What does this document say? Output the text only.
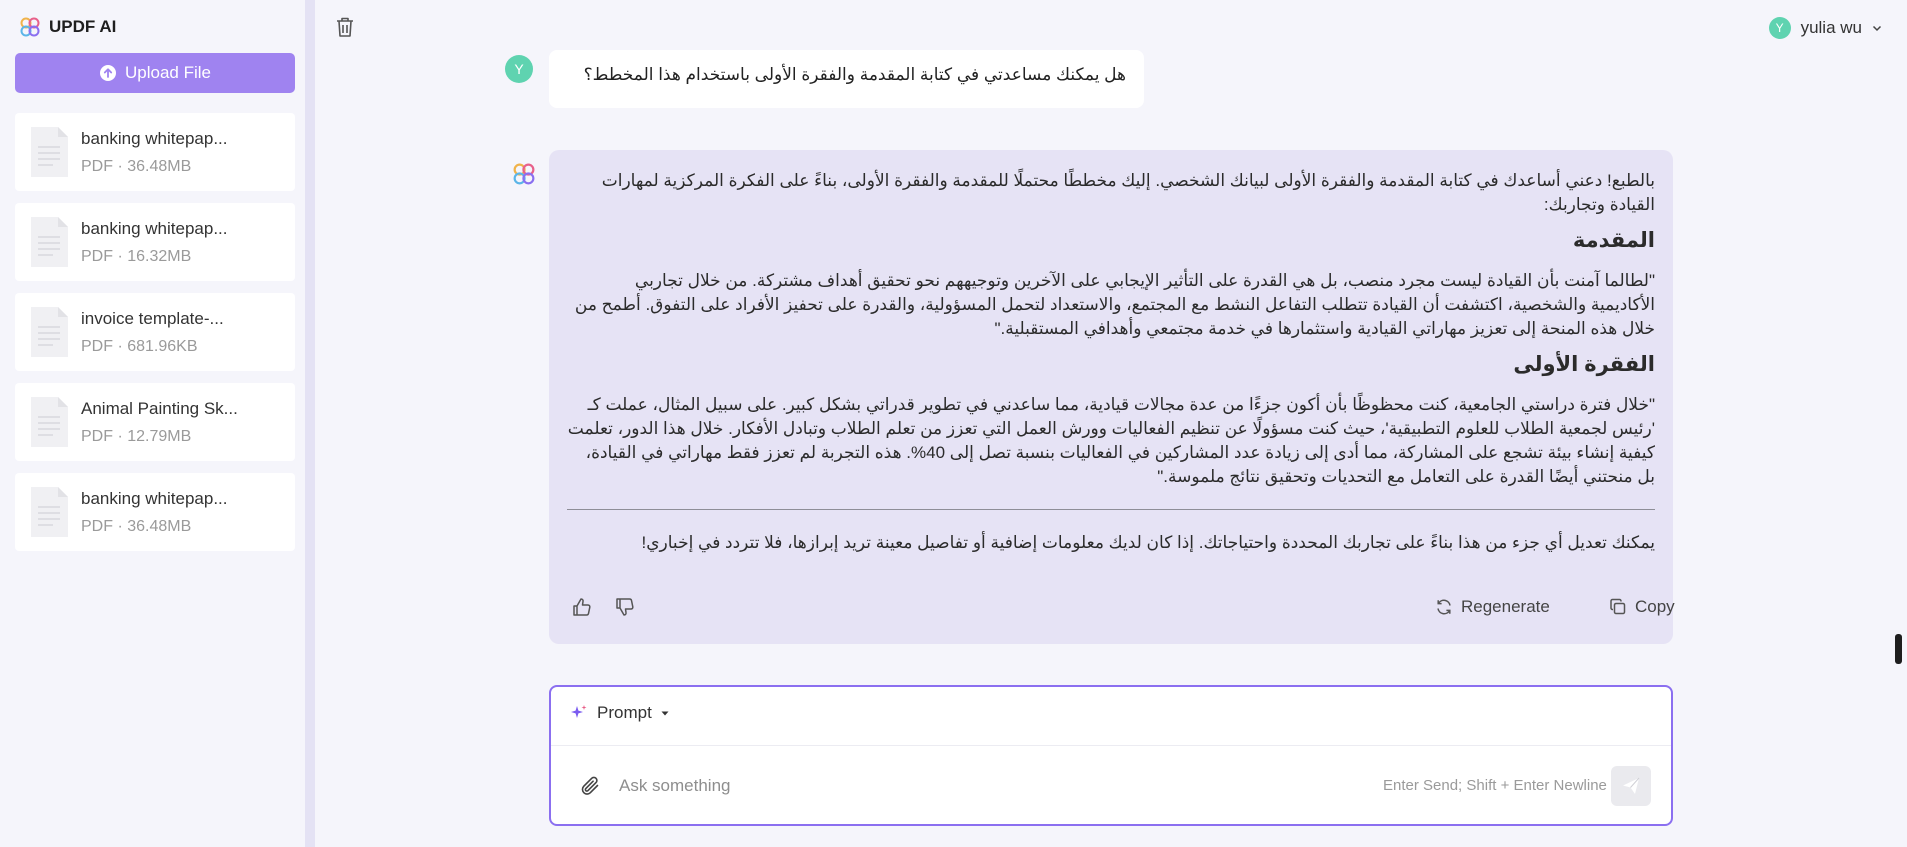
UPDF AI
Upload File
banking whitepap...
PDF · 36.48MB
banking whitepap...
PDF · 16.32MB
invoice template-...
PDF · 681.96KB
Animal Painting Sk...
PDF · 12.79MB
banking whitepap...
PDF · 36.48MB
Y	yulia wu
Y	هل يمكنك مساعدتي في كتابة المقدمة والفقرة الأولى باستخدام هذا المخطط؟

بالطبع! دعني أساعدك في كتابة المقدمة والفقرة الأولى لبيانك الشخصي. إليك مخططًا محتملًا للمقدمة والفقرة الأولى، بناءً على الفكرة المركزية لمهارات القيادة وتجاربك:

المقدمة

"لطالما آمنت بأن القيادة ليست مجرد منصب، بل هي القدرة على التأثير الإيجابي على الآخرين وتوجيههم نحو تحقيق أهداف مشتركة. من خلال تجاربي الأكاديمية والشخصية، اكتشفت أن القيادة تتطلب التفاعل النشط مع المجتمع، والاستعداد لتحمل المسؤولية، والقدرة على تحفيز الأفراد على التفوق. أطمح من خلال هذه المنحة إلى تعزيز مهاراتي القيادية واستثمارها في خدمة مجتمعي وأهدافي المستقبلية."

الفقرة الأولى

"خلال فترة دراستي الجامعية، كنت محظوظًا بأن أكون جزءًا من عدة مجالات قيادية، مما ساعدني في تطوير قدراتي بشكل كبير. على سبيل المثال، عملت كـ 'رئيس لجمعية الطلاب للعلوم التطبيقية'، حيث كنت مسؤولًا عن تنظيم الفعاليات وورش العمل التي تعزز من تعلم الطلاب وتبادل الأفكار. خلال هذا الدور، تعلمت كيفية إنشاء بيئة تشجع على المشاركة، مما أدى إلى زيادة عدد المشاركين في الفعاليات بنسبة تصل إلى 40%. هذه التجربة لم تعزز فقط مهاراتي في القيادة، بل منحتني أيضًا القدرة على التعامل مع التحديات وتحقيق نتائج ملموسة."

يمكنك تعديل أي جزء من هذا بناءً على تجاربك المحددة واحتياجاتك. إذا كان لديك معلومات إضافية أو تفاصيل معينة تريد إبرازها، فلا تتردد في إخباري!

Regenerate	Copy
Prompt
Ask something
Enter Send; Shift + Enter Newline
